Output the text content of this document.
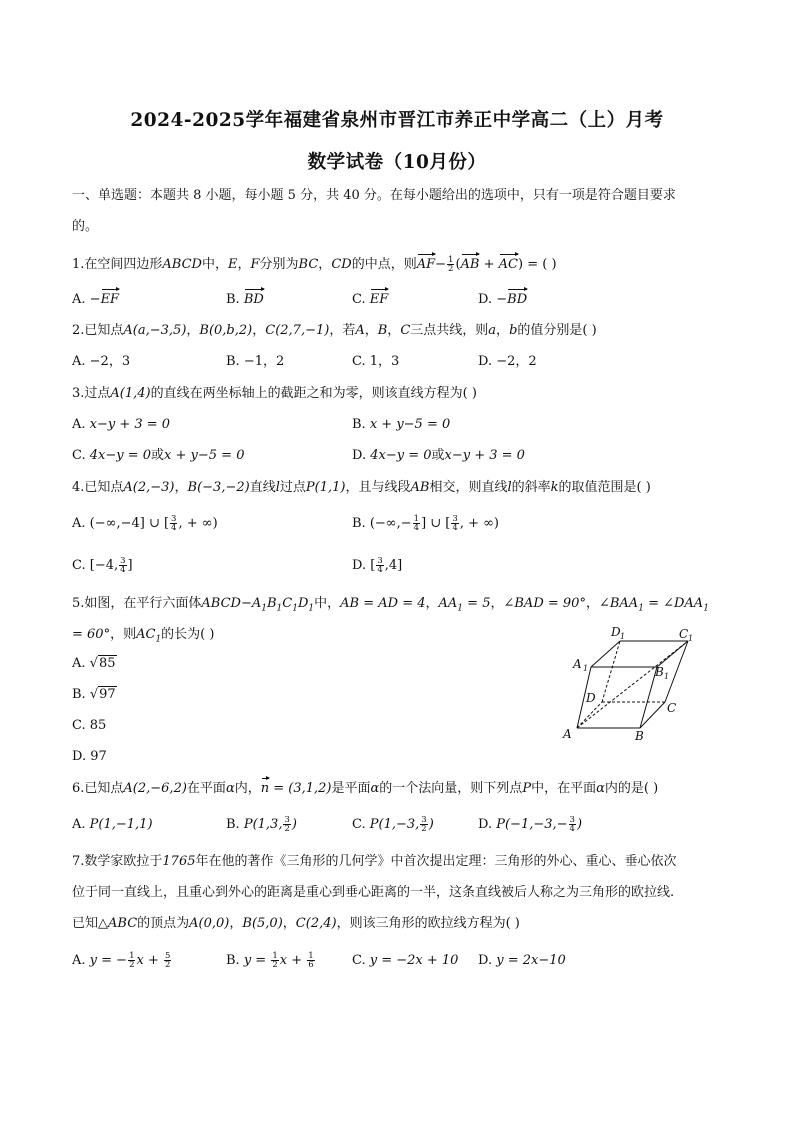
2024-2025学年福建省泉州市晋江市养正中学高二（上）月考
数学试卷（10月份）
一、单选题：本题共 8 小题，每小题 5 分，共 40 分。在每小题给出的选项中，只有一项是符合题目要求
的。
1.在空间四边形ABCD中，E，F分别为BC，CD的中点，则$AF- \frac{1}{2} (AB + AC)$ = ( )
A. −EF	B. BD	C. EF	D. −BD
2.已知点A(a,−3,5)，B(0,b,2)，C(2,7,−1)，若A，B，C三点共线，则a，b的值分别是( )
A. −2，3	B. −1，2	C. 1，3	D. −2，2
3.过点A(1,4)的直线在两坐标轴上的截距之和为零，则该直线方程为( )
A. x−y + 3 = 0	B. x + y−5 = 0
C. 4x−y = 0或x + y−5 = 0	D. 4x−y = 0或x−y + 3 = 0
4.已知点A(2,−3)，B(−3,−2)直线l过点P(1,1)，且与线段AB相交，则直线l的斜率k的取值范围是( )
A. (−∞,−4] ∪ [ $\frac{3}{4}$ , + ∞)	B. (−∞,− $\frac{1}{4}$ ] ∪ [ $\frac{3}{4}$ , + ∞)
C. [−4, $\frac{3}{4}$ ]	D. [ $\frac{3}{4} ,4$]
5.如图，在平行六面体$ABCD-A_1B_1C_1D_1$中，AB = AD = 4，$AA_1 = 5$，∠BAD = 90°，$\angle BAA_1$ = $\angle DAA_1$
= 60°，则$AC_1$的长为( )
A. √85
B. √97
C. 85
D. 97
A	B
C
D
A 1	B 1
C 1
D 1
6.已知点A(2,−6,2)在平面α内，n = (3,1,2)是平面α的一个法向量，则下列点P中，在平面α内的是( )
A. P(1,−1,1)	B. P(1,3, $\frac{3}{2}$ )	C. P(1,−3, $\frac{3}{2}$ )	D. $P(-1,-3,- \frac{3}{4}$ )
7.数学家欧拉于1765年在他的著作《三角形的几何学》中首次提出定理：三角形的外心、重心、垂心依次
位于同一直线上，且重心到外心的距离是重心到垂心距离的一半，这条直线被后人称之为三角形的欧拉线.
已知△ABC的顶点为A(0,0)，B(5,0)，C(2,4)，则该三角形的欧拉线方程为( )
A. y = − $\frac{1}{2}$ $x + \frac{5}{2}$	B. $y = \frac{1}{2}$ $x + \frac{1}{6}$	C. y = −2x + 10 D. y = 2x−10
